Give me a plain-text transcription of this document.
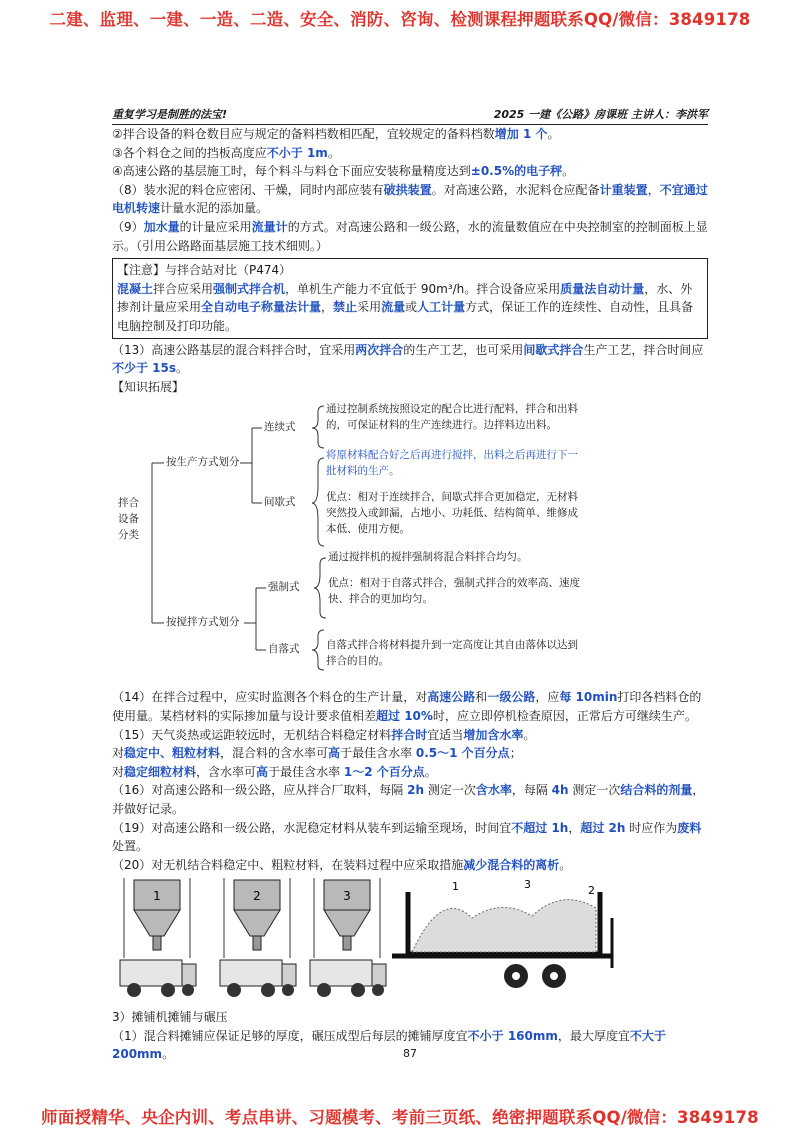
二建、监理、一建、一造、二造、安全、消防、咨询、检测课程押题联系QQ/微信：3849178
重复学习是制胜的法宝!	2025 一建《公路》房课班 主讲人：李洪军

②拌合设备的料仓数目应与规定的备料档数相匹配，宜较规定的备料档数增加 1 个。

③各个料仓之间的挡板高度应不小于 1m。

④高速公路的基层施工时，每个料斗与料仓下面应安装称量精度达到±0.5%的电子秤。

（8）装水泥的料仓应密闭、干燥，同时内部应装有破拱装置。对高速公路，水泥料仓应配备计重装置，不宜通过电机转速计量水泥的添加量。

（9）加水量的计量应采用流量计的方式。对高速公路和一级公路，水的流量数值应在中央控制室的控制面板上显示。（引用公路路面基层施工技术细则。）

【注意】与拌合站对比（P474）

混凝土拌合应采用强制式拌合机，单机生产能力不宜低于 90m³/h。拌合设备应采用质量法自动计量，水、外掺剂计量应采用全自动电子称量法计量，禁止采用流量或人工计量方式，保证工作的连续性、自动性，且具备电脑控制及打印功能。

（13）高速公路基层的混合料拌合时，宜采用两次拌合的生产工艺，也可采用间歇式拌合生产工艺，拌合时间应不少于 15s。

【知识拓展】

拌合
设备
分类
按生产方式划分
按搅拌方式划分
连续式
间歇式
强制式
自落式
通过控制系统按照设定的配合比进行配料，拌合和出料的，可保证材料的生产连续进行。边拌料边出料。
将原材料配合好之后再进行搅拌，出料之后再进行下一批材料的生产。
优点：相对于连续拌合，间歇式拌合更加稳定，无材料突然投入或卸漏，占地小、功耗低、结构简单、维修成本低、使用方便。
通过搅拌机的搅拌强制将混合料拌合均匀。
优点：相对于自落式拌合，强制式拌合的效率高、速度快、拌合的更加均匀。
自落式拌合将材料提升到一定高度让其自由落体以达到拌合的目的。

（14）在拌合过程中，应实时监测各个料仓的生产计量，对高速公路和一级公路，应每 10min打印各档料仓的使用量。某档材料的实际掺加量与设计要求值相差超过 10%时，应立即停机检查原因，正常后方可继续生产。

（15）天气炎热或运距较远时，无机结合料稳定材料拌合时宜适当增加含水率。

对稳定中、粗粒材料，混合料的含水率可高于最佳含水率 0.5～1 个百分点；

对稳定细粒材料，含水率可高于最佳含水率 1～2 个百分点。

（16）对高速公路和一级公路，应从拌合厂取料，每隔 2h 测定一次含水率，每隔 4h 测定一次结合料的剂量，并做好记录。

（19）对高速公路和一级公路，水泥稳定材料从装车到运输至现场，时间宜不超过 1h，超过 2h 时应作为废料处置。

（20）对无机结合料稳定中、粗粒材料，在装料过程中应采取措施减少混合料的离析。

1	2	3
1	3	2

3）摊铺机摊铺与碾压

（1）混合料摊铺应保证足够的厚度，碾压成型后每层的摊铺厚度宜不小于 160mm，最大厚度宜不大于 200mm。	87
师面授精华、央企内训、考点串讲、习题模考、考前三页纸、绝密押题联系QQ/微信：3849178
